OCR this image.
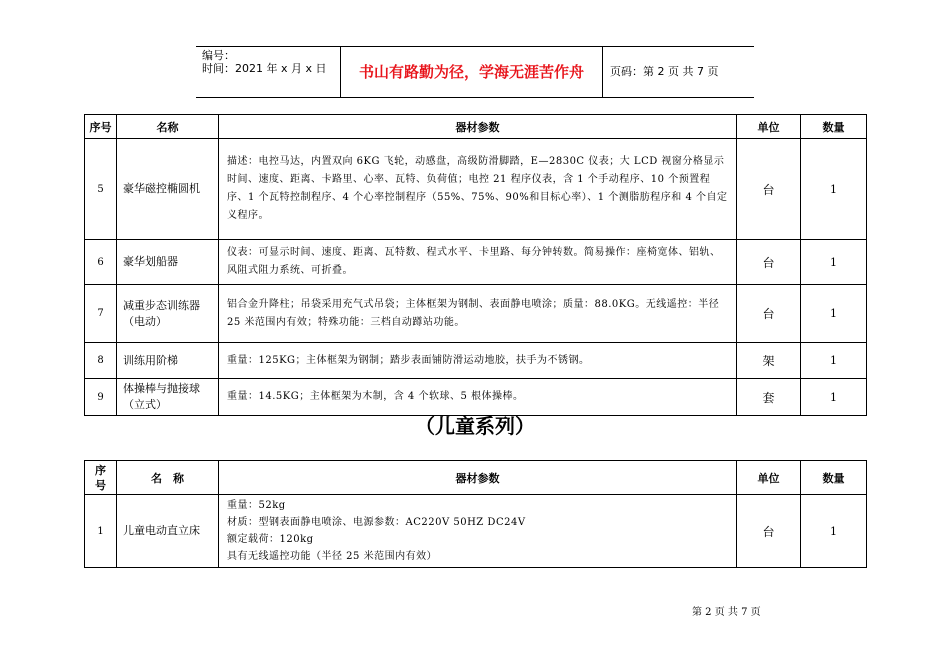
编号：
时间：2021 年 x 月 x 日	书山有路勤为径，学海无涯苦作舟	页码：第 2 页 共 7 页
序号	名称	器材参数	单位	数量
5	豪华磁控椭圆机	描述：电控马达，内置双向 6KG 飞轮，动感盘，高级防滑脚踏，E—2830C 仪表；大 LCD 视窗分格显示时间、速度、距离、卡路里、心率、瓦特、负荷值；电控 21 程序仪表，含 1 个手动程序、10 个预置程序、1 个瓦特控制程序、4 个心率控制程序（55%、75%、90%和目标心率）、1 个测脂肪程序和 4 个自定义程序。	台	1
6	豪华划船器	仪表：可显示时间、速度、距离、瓦特数、程式水平、卡里路、每分钟转数。简易操作：座椅宽体、铝轨、风阻式阻力系统、可折叠。	台	1
7	减重步态训练器（电动）	铝合金升降柱；吊袋采用充气式吊袋；主体框架为钢制、表面静电喷涂；质量：88.0KG。无线遥控：半径 25 米范围内有效；特殊功能：三档自动蹲站功能。	台	1
8	训练用阶梯	重量：125KG；主体框架为钢制；踏步表面铺防滑运动地胶，扶手为不锈钢。	架	1
9	体操棒与抛接球（立式）	重量：14.5KG；主体框架为木制，含 4 个软球、5 根体操棒。	套	1
（儿童系列）
序号	名　称	器材参数	单位	数量
1	儿童电动直立床	重量：52kg
材质：型钢表面静电喷涂、电源参数：AC220V 50HZ DC24V
额定载荷：120kg
具有无线遥控功能（半径 25 米范围内有效）	台	1
第 2 页 共 7 页
